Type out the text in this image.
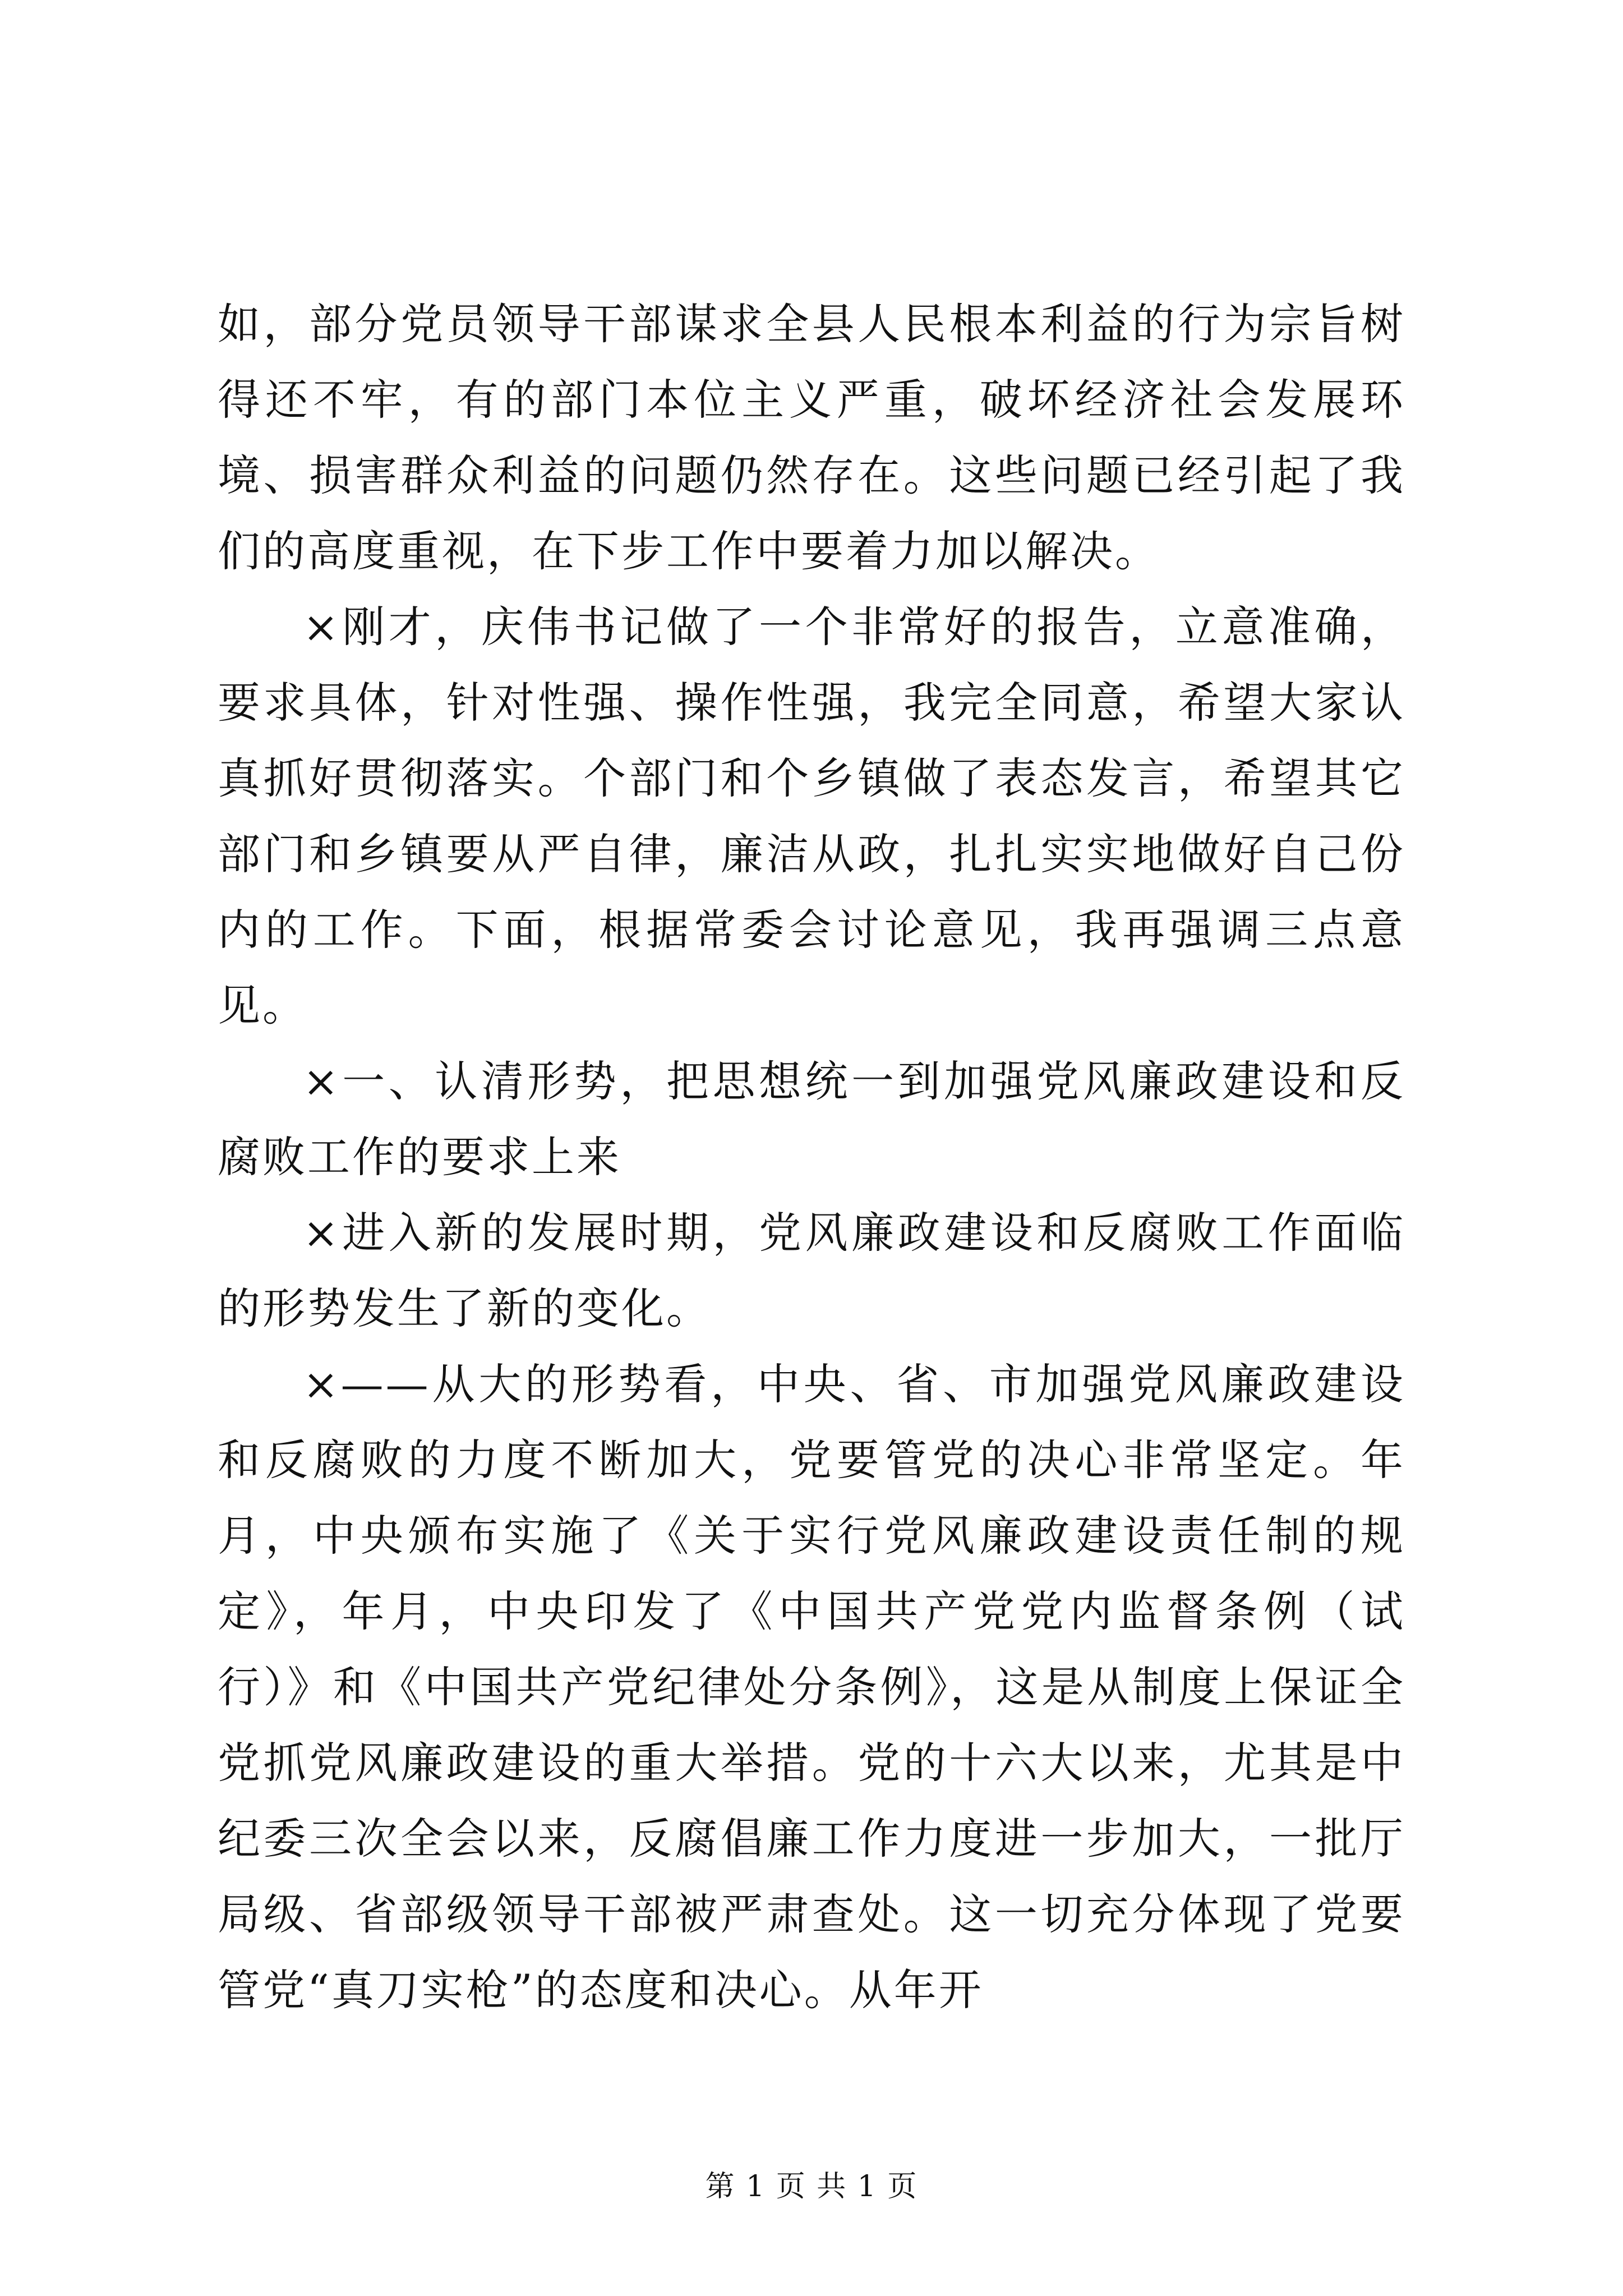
如，部分党员领导干部谋求全县人民根本利益的行为宗旨树得还不牢，有的部门本位主义严重，破坏经济社会发展环境、损害群众利益的问题仍然存在。这些问题已经引起了我们的高度重视，在下步工作中要着力加以解决。

×刚才，庆伟书记做了一个非常好的报告，立意准确，要求具体，针对性强、操作性强，我完全同意，希望大家认真抓好贯彻落实。个部门和个乡镇做了表态发言，希望其它部门和乡镇要从严自律，廉洁从政，扎扎实实地做好自己份内的工作。下面，根据常委会讨论意见，我再强调三点意见。

×一、认清形势，把思想统一到加强党风廉政建设和反腐败工作的要求上来

×进入新的发展时期，党风廉政建设和反腐败工作面临的形势发生了新的变化。

×——从大的形势看，中央、省、市加强党风廉政建设和反腐败的力度不断加大，党要管党的决心非常坚定。年月，中央颁布实施了《关于实行党风廉政建设责任制的规定》，年月，中央印发了《中国共产党党内监督条例（试行）》和《中国共产党纪律处分条例》，这是从制度上保证全党抓党风廉政建设的重大举措。党的十六大以来，尤其是中纪委三次全会以来，反腐倡廉工作力度进一步加大，一批厅局级、省部级领导干部被严肃查处。这一切充分体现了党要管党“真刀实枪”的态度和决心。从年开

第 1 页 共 1 页
